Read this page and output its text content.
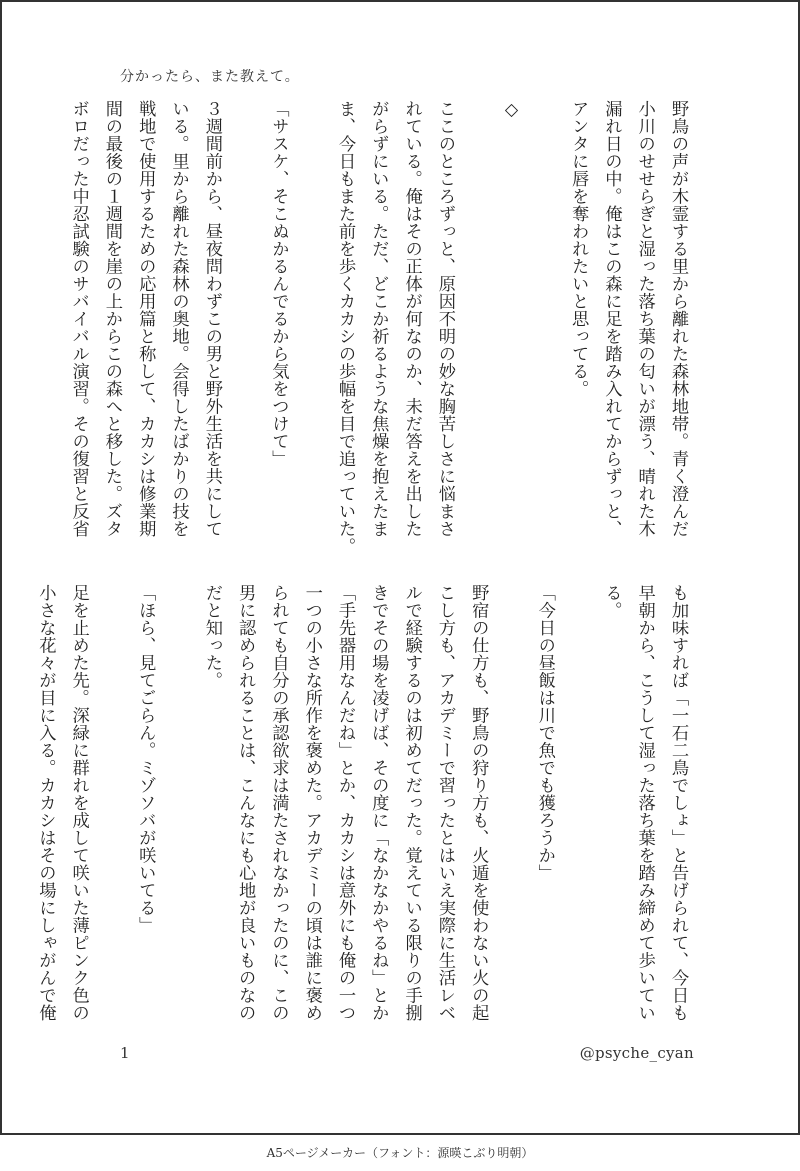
分かったら、また教えて。
野鳥の声が木霊する里から離れた森林地帯。青く澄んだ
小川のせせらぎと湿った落ち葉の匂いが漂う、晴れた木
漏れ日の中。俺はこの森に足を踏み入れてからずっと、
アンタに唇を奪われたいと思ってる。

◇

ここのところずっと、原因不明の妙な胸苦しさに悩まさ
れている。俺はその正体が何なのか、未だ答えを出した
がらずにいる。ただ、どこか祈るような焦燥を抱えたま
ま、今日もまた前を歩くカカシの歩幅を目で追っていた。

「サスケ、そこぬかるんでるから気をつけて」

３週間前から、昼夜問わずこの男と野外生活を共にして
いる。里から離れた森林の奥地。会得したばかりの技を
戦地で使用するための応用篇と称して、カカシは修業期
間の最後の１週間を崖の上からこの森へと移した。ズタ
ボロだった中忍試験のサバイバル演習。その復習と反省
も加味すれば「一石二鳥でしょ」と告げられて、今日も
早朝から、こうして湿った落ち葉を踏み締めて歩いてい
る。

「今日の昼飯は川で魚でも獲ろうか」

野宿の仕方も、野鳥の狩り方も、火遁を使わない火の起
こし方も、アカデミーで習ったとはいえ実際に生活レベ
ルで経験するのは初めてだった。覚えている限りの手捌
きでその場を凌げば、その度に「なかなかやるね」とか
「手先器用なんだね」とか、カカシは意外にも俺の一つ
一つの小さな所作を褒めた。アカデミーの頃は誰に褒め
られても自分の承認欲求は満たされなかったのに、この
男に認められることは、こんなにも心地が良いものなの
だと知った。

「ほら、見てごらん。ミゾソバが咲いてる」

足を止めた先。深緑に群れを成して咲いた薄ピンク色の
小さな花々が目に入る。カカシはその場にしゃがんで俺
1	@psyche_cyan
A5ページメーカー（フォント：源暎こぶり明朝）
